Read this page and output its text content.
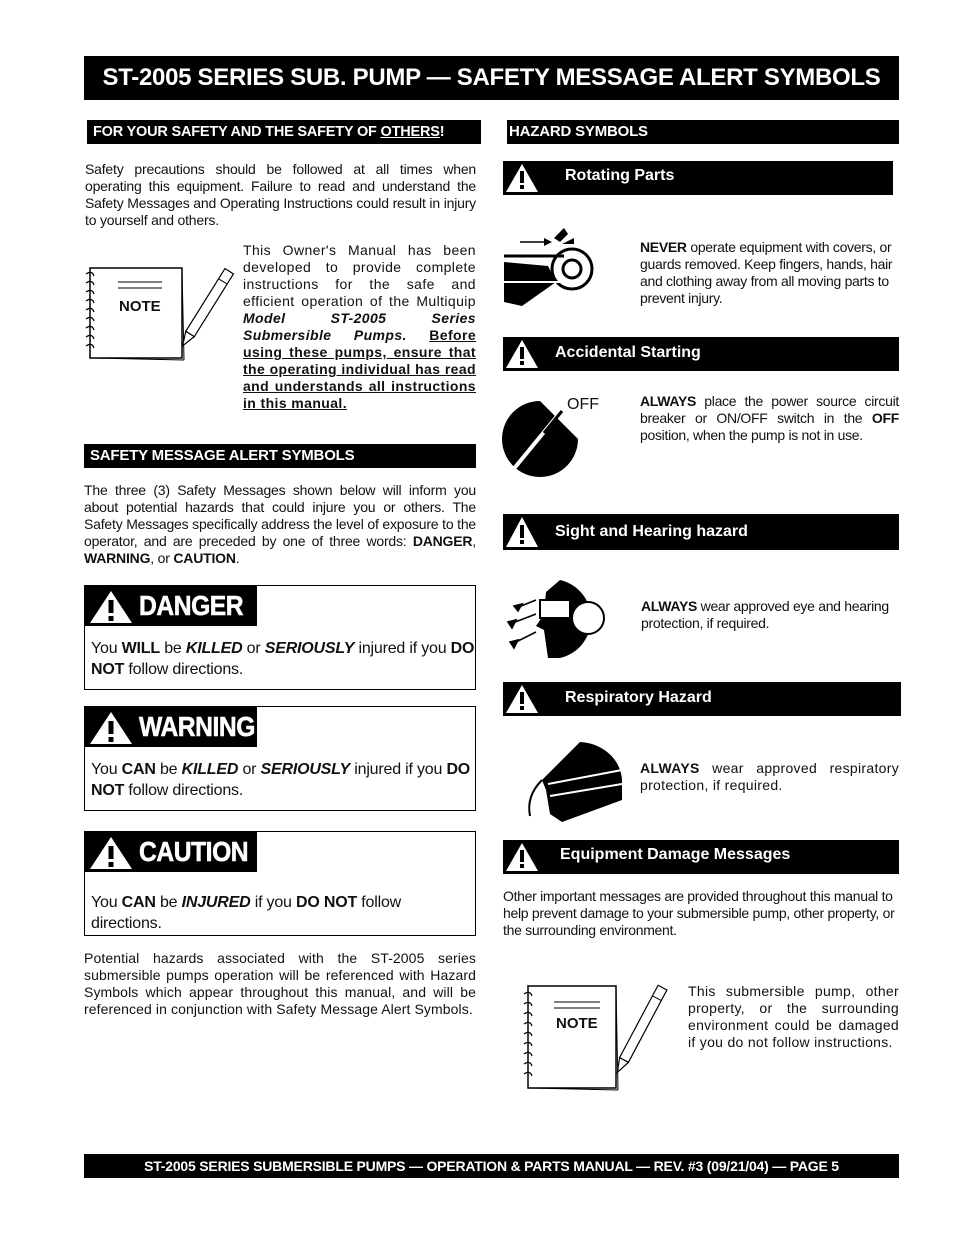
ST-2005 SERIES SUB. PUMP — SAFETY MESSAGE ALERT SYMBOLS
FOR YOUR SAFETY AND THE SAFETY OF OTHERS!
Safety precautions should be followed at all times when operating this equipment. Failure to read and understand the Safety Messages and Operating Instructions could result in injury to yourself and others.
NOTE
This Owner's Manual has been developed to provide complete instructions for the safe and efficient operation of the Multiquip Model ST-2005 Series Submersible Pumps. Before using these pumps, ensure that the operating individual has read and understands all instructions in this manual.
SAFETY MESSAGE ALERT SYMBOLS
The three (3) Safety Messages shown below will inform you about potential hazards that could injure you or others. The Safety Messages specifically address the level of exposure to the operator, and are preceded by one of three words: DANGER, WARNING, or CAUTION.
DANGER
You WILL be KILLED or SERIOUSLY injured if you DO NOT follow directions.
WARNING
You CAN be KILLED or SERIOUSLY injured if you DO NOT follow directions.
CAUTION
You CAN be INJURED if you DO NOT follow directions.
Potential hazards associated with the ST-2005 series submersible pumps operation will be referenced with Hazard Symbols which appear throughout this manual, and will be referenced in conjunction with Safety Message Alert Symbols.
HAZARD SYMBOLS
Rotating Parts
NEVER operate equipment with covers, or guards removed. Keep fingers, hands, hair and clothing away from all moving parts to prevent injury.
Accidental Starting
OFF	ALWAYS place the power source circuit breaker or ON/OFF switch in the OFF position, when the pump is not in use.
Sight and Hearing hazard
ALWAYS wear approved eye and hearing protection, if required.
Respiratory Hazard
ALWAYS wear approved respiratory protection, if required.
Equipment Damage Messages
Other important messages are provided throughout this manual to help prevent damage to your submersible pump, other property, or the surrounding environment.
NOTE
This submersible pump, other property, or the surrounding environment could be damaged if you do not follow instructions.
ST-2005 SERIES SUBMERSIBLE PUMPS — OPERATION & PARTS MANUAL — REV. #3 (09/21/04) — PAGE 5
